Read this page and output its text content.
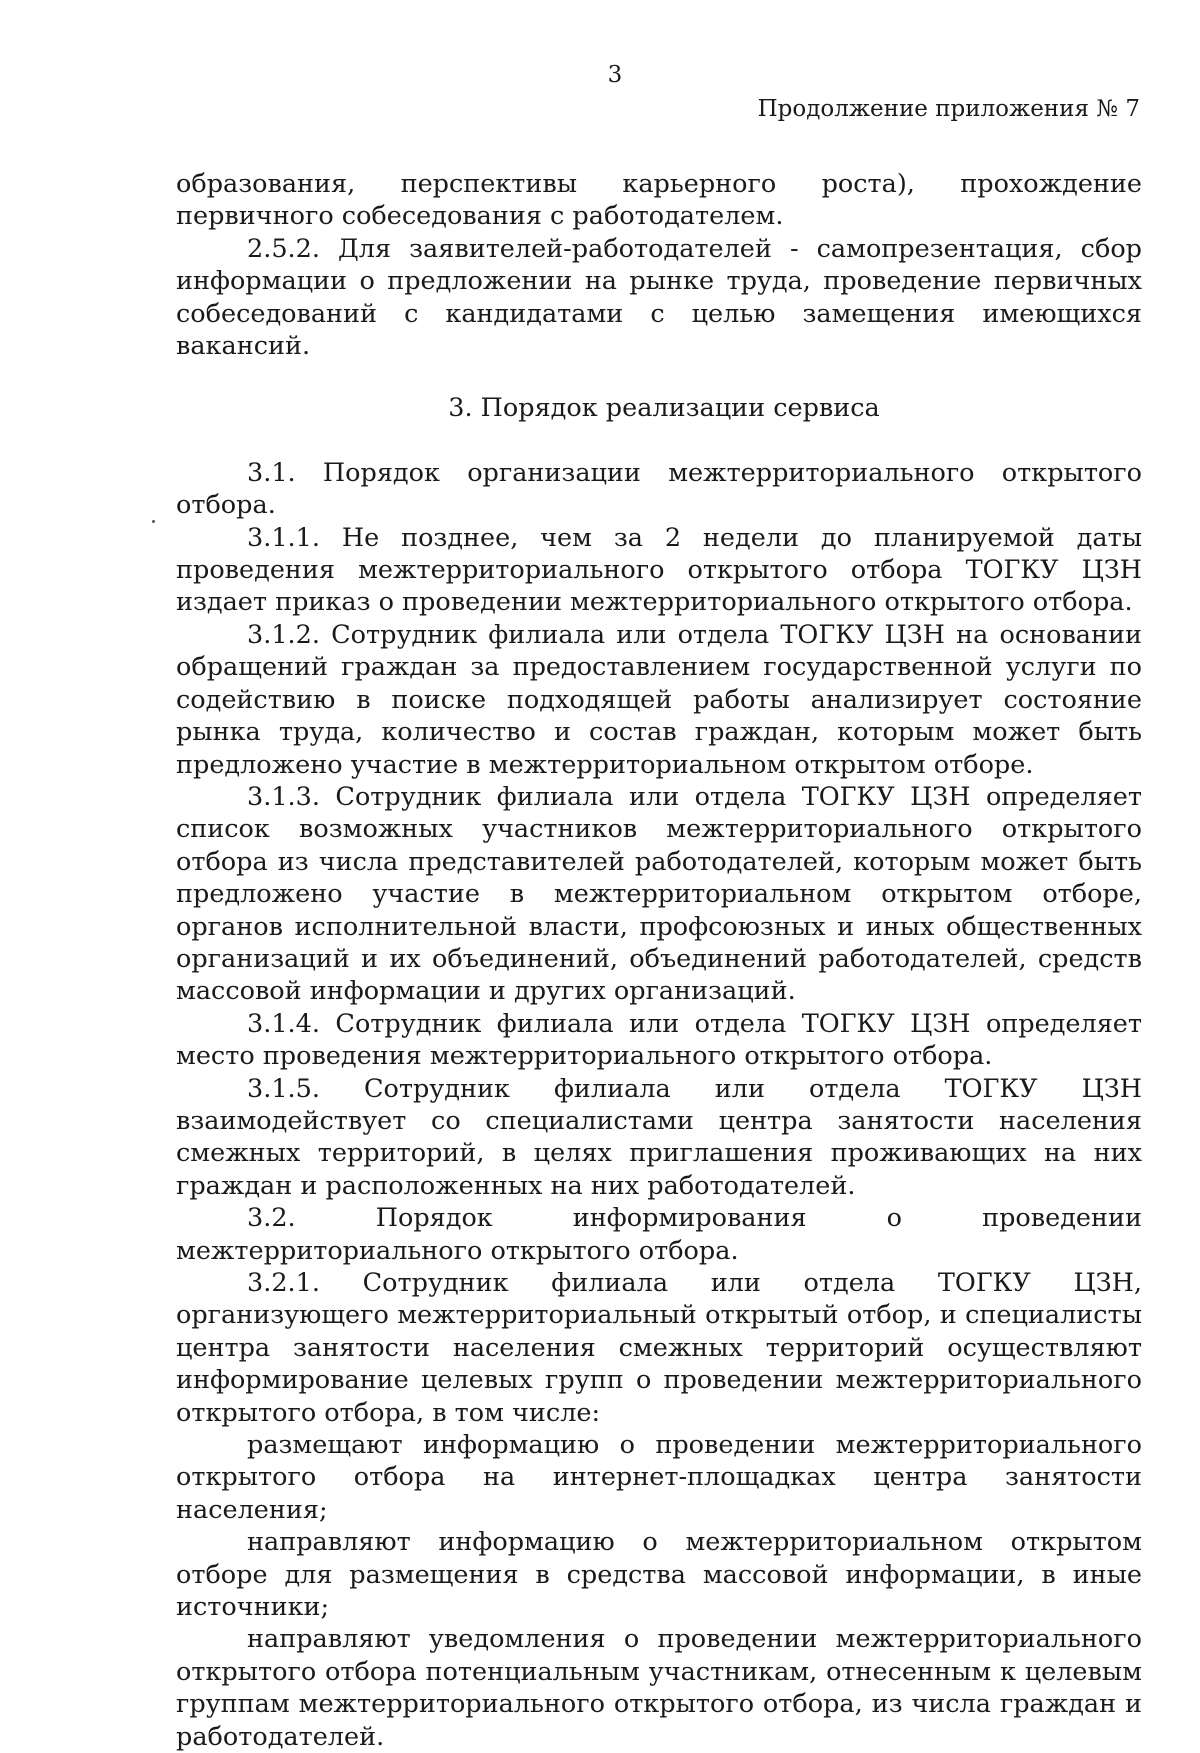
3
Продолжение приложения № 7

образования, перспективы карьерного роста), прохождение первичного собеседования с работодателем.

2.5.2. Для заявителей-работодателей - самопрезентация, сбор информации о предложении на рынке труда, проведение первичных собеседований с кандидатами с целью замещения имеющихся вакансий.

3. Порядок реализации сервиса

3.1. Порядок организации межтерриториального открытого отбора.

3.1.1. Не позднее, чем за 2 недели до планируемой даты проведения межтерриториального открытого отбора ТОГКУ ЦЗН издает приказ о проведении межтерриториального открытого отбора.

3.1.2. Сотрудник филиала или отдела ТОГКУ ЦЗН на основании обращений граждан за предоставлением государственной услуги по содействию в поиске подходящей работы анализирует состояние рынка труда, количество и состав граждан, которым может быть предложено участие в межтерриториальном открытом отборе.

3.1.3. Сотрудник филиала или отдела ТОГКУ ЦЗН определяет список возможных участников межтерриториального открытого отбора из числа представителей работодателей, которым может быть предложено участие в межтерриториальном открытом отборе, органов исполнительной власти, профсоюзных и иных общественных организаций и их объединений, объединений работодателей, средств массовой информации и других организаций.

3.1.4. Сотрудник филиала или отдела ТОГКУ ЦЗН определяет место проведения межтерриториального открытого отбора.

3.1.5. Сотрудник филиала или отдела ТОГКУ ЦЗН взаимодействует со специалистами центра занятости населения смежных территорий, в целях приглашения проживающих на них граждан и расположенных на них работодателей.

3.2. Порядок информирования о проведении межтерриториального открытого отбора.

3.2.1. Сотрудник филиала или отдела ТОГКУ ЦЗН, организующего межтерриториальный открытый отбор, и специалисты центра занятости населения смежных территорий осуществляют информирование целевых групп о проведении межтерриториального открытого отбора, в том числе:

размещают информацию о проведении межтерриториального открытого отбора на интернет-площадках центра занятости населения;

направляют информацию о межтерриториальном открытом отборе для размещения в средства массовой информации, в иные источники;

направляют уведомления о проведении межтерриториального открытого отбора потенциальным участникам, отнесенным к целевым группам межтерриториального открытого отбора, из числа граждан и работодателей.
